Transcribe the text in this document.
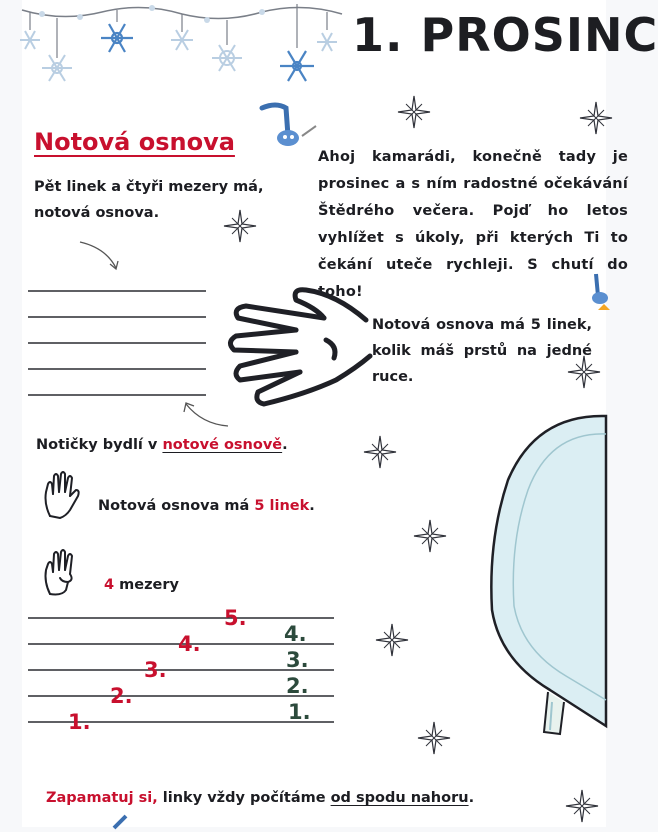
1. PROSINC
Notová osnova
Pět linek a čtyři mezery má, notová osnova.
Ahoj kamarádi, konečně tady je prosinec a s ním radostné očekávání Štědrého večera. Pojď ho letos vyhlížet s úkoly, při kterých Ti to čekání uteče rychleji. S chutí do toho!
Notová osnova má 5 linek, kolik máš prstů na jedné ruce.
Notičky bydlí v notové osnově.
Notová osnova má 5 linek.
4 mezery
1.
2.
3.
4.
5.
1.
2.
3.
4.
Zapamatuj si, linky vždy počítáme od spodu nahoru.
